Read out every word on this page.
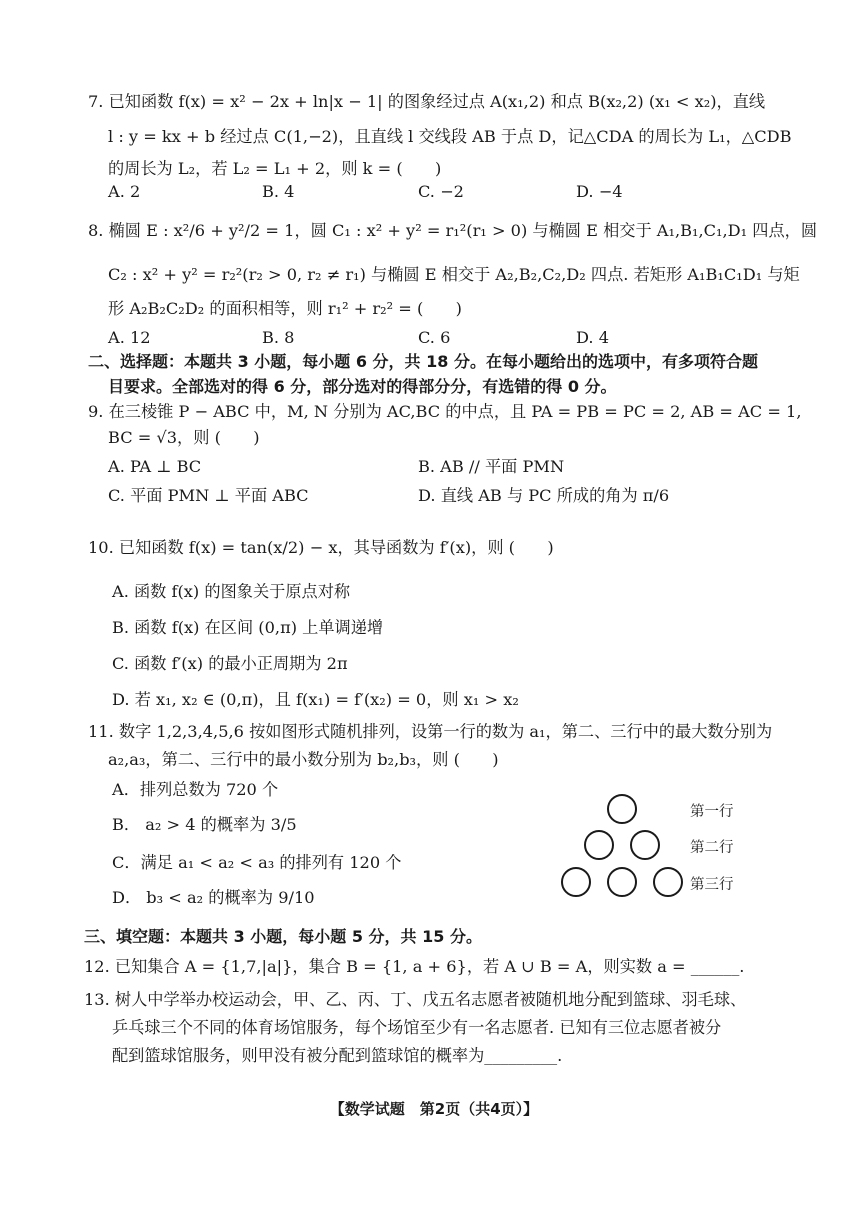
7. 已知函数 f(x) = x² − 2x + ln|x − 1| 的图象经过点 A(x₁,2) 和点 B(x₂,2) (x₁ < x₂)，直线
l : y = kx + b 经过点 C(1,−2)，且直线 l 交线段 AB 于点 D，记△CDA 的周长为 L₁，△CDB
的周长为 L₂，若 L₂ = L₁ + 2，则 k = (　　)
A. 2	B. 4	C. −2	D. −4
8. 椭圆 E : x²/6 + y²/2 = 1，圆 C₁ : x² + y² = r₁²(r₁ > 0) 与椭圆 E 相交于 A₁,B₁,C₁,D₁ 四点，圆
C₂ : x² + y² = r₂²(r₂ > 0, r₂ ≠ r₁) 与椭圆 E 相交于 A₂,B₂,C₂,D₂ 四点. 若矩形 A₁B₁C₁D₁ 与矩
形 A₂B₂C₂D₂ 的面积相等，则 r₁² + r₂² = (　　)
A. 12	B. 8	C. 6	D. 4
二、选择题：本题共 3 小题，每小题 6 分，共 18 分。在每小题给出的选项中，有多项符合题
目要求。全部选对的得 6 分，部分选对的得部分分，有选错的得 0 分。
9. 在三棱锥 P − ABC 中，M, N 分别为 AC,BC 的中点，且 PA = PB = PC = 2, AB = AC = 1,
BC = √3，则 (　　)
A. PA ⊥ BC	B. AB // 平面 PMN
C. 平面 PMN ⊥ 平面 ABC	D. 直线 AB 与 PC 所成的角为 π/6
10. 已知函数 f(x) = tan(x/2) − x，其导函数为 f′(x)，则 (　　)
A. 函数 f(x) 的图象关于原点对称
B. 函数 f(x) 在区间 (0,π) 上单调递增
C. 函数 f′(x) 的最小正周期为 2π
D. 若 x₁, x₂ ∈ (0,π)，且 f(x₁) = f′(x₂) = 0，则 x₁ > x₂
11. 数字 1,2,3,4,5,6 按如图形式随机排列，设第一行的数为 a₁，第二、三行中的最大数分别为
a₂,a₃，第二、三行中的最小数分别为 b₂,b₃，则 (　　)
A．排列总数为 720 个
B． a₂ > 4 的概率为 3/5
C．满足 a₁ < a₂ < a₃ 的排列有 120 个
D． b₃ < a₂ 的概率为 9/10
第一行
第二行
第三行
三、填空题：本题共 3 小题，每小题 5 分，共 15 分。
12. 已知集合 A = {1,7,|a|}，集合 B = {1, a + 6}，若 A ∪ B = A，则实数 a = ______.
13. 树人中学举办校运动会，甲、乙、丙、丁、戊五名志愿者被随机地分配到篮球、羽毛球、
乒乓球三个不同的体育场馆服务，每个场馆至少有一名志愿者. 已知有三位志愿者被分
配到篮球馆服务，则甲没有被分配到篮球馆的概率为_________.
【数学试题　第2页（共4页）】
